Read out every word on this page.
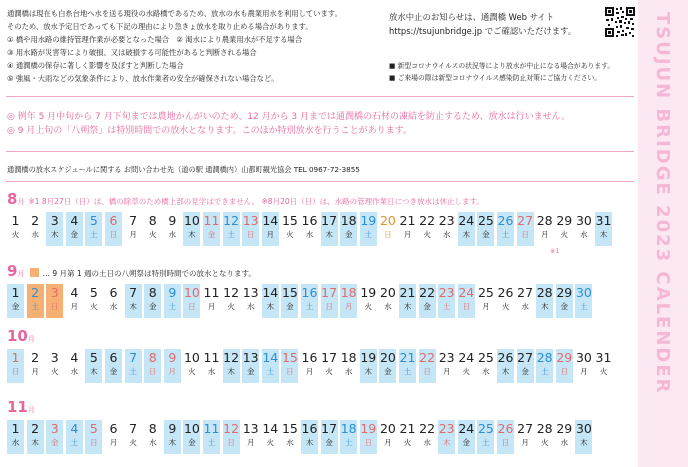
TSUJUN BRIDGE 2023 CALENDER
通潤橋は現在も白糸台地へ水を送る現役の水路橋であるため、放水の水も農業用水を利用しています。
そのため、放水予定日であっても下記の理由により急きょ放水を取り止める場合があります。
① 橋や用水路の維持管理作業が必要となった場合　② 渇水により農業用水が不足する場合
③ 用水路が災害等により破損、又は破損する可能性があると判断される場合
④ 通潤橋の保存に著しく影響を及ぼすと判断した場合
⑤ 強風・大雨などの気象条件により、放水作業者の安全が確保されない場合など。
放水中止のお知らせは、通潤橋 Web サイト
https://tsujunbridge.jp でご確認いただけます。
■ 新型コロナウイルスの状況等により放水が中止になる場合があります。
■ ご来場の際は新型コロナウイルス感染防止対策にご協力ください。
◎ 例年 5 月中旬から 7 月下旬までは農地かんがいのため、12 月から 3 月までは通潤橋の石材の凍結を防止するため、放水は行いません。
◎ 9 月上旬の「八朔祭」は特別時間での放水となります。このほか特別放水を行うことがあります。
通潤橋の放水スケジュールに関する お問い合わせ先（道の駅 通潤橋内）山都町観光協会 TEL 0967-72-3855
8月 ※1 8月27日（日）は、橋の除草のため橋上部の見学はできません。 ※8月20日（日）は、水路の管理作業日につき放水は休止します。
1
火
2
水
3
木
4
金
5
土
6
日
7
月
8
火
9
水
10
木
11
金
12
土
13
日
14
月
15
火
16
水
17
木
18
金
19
土
20
日
21
月
22
火
23
水
24
木
25
金
26
土
27
日
28
月
29
火
30
水
31
木
※1
9月 … 9 月第 1 週の土日の八朔祭は特別時間での放水となります。
1
金
2
土
3
日
4
月
5
火
6
水
7
木
8
金
9
土
10
日
11
月
12
火
13
水
14
木
15
金
16
土
17
日
18
月
19
火
20
水
21
木
22
金
23
土
24
日
25
月
26
火
27
水
28
木
29
金
30
土
10月
1
日
2
月
3
火
4
水
5
木
6
金
7
土
8
日
9
月
10
火
11
水
12
木
13
金
14
土
15
日
16
月
17
火
18
水
19
木
20
金
21
土
22
日
23
月
24
火
25
水
26
木
27
金
28
土
29
日
30
月
31
火
11月
1
水
2
木
3
金
4
土
5
日
6
月
7
火
8
水
9
木
10
金
11
土
12
日
13
月
14
火
15
水
16
木
17
金
18
土
19
日
20
月
21
火
22
水
23
木
24
金
25
土
26
日
27
月
28
火
29
水
30
木
